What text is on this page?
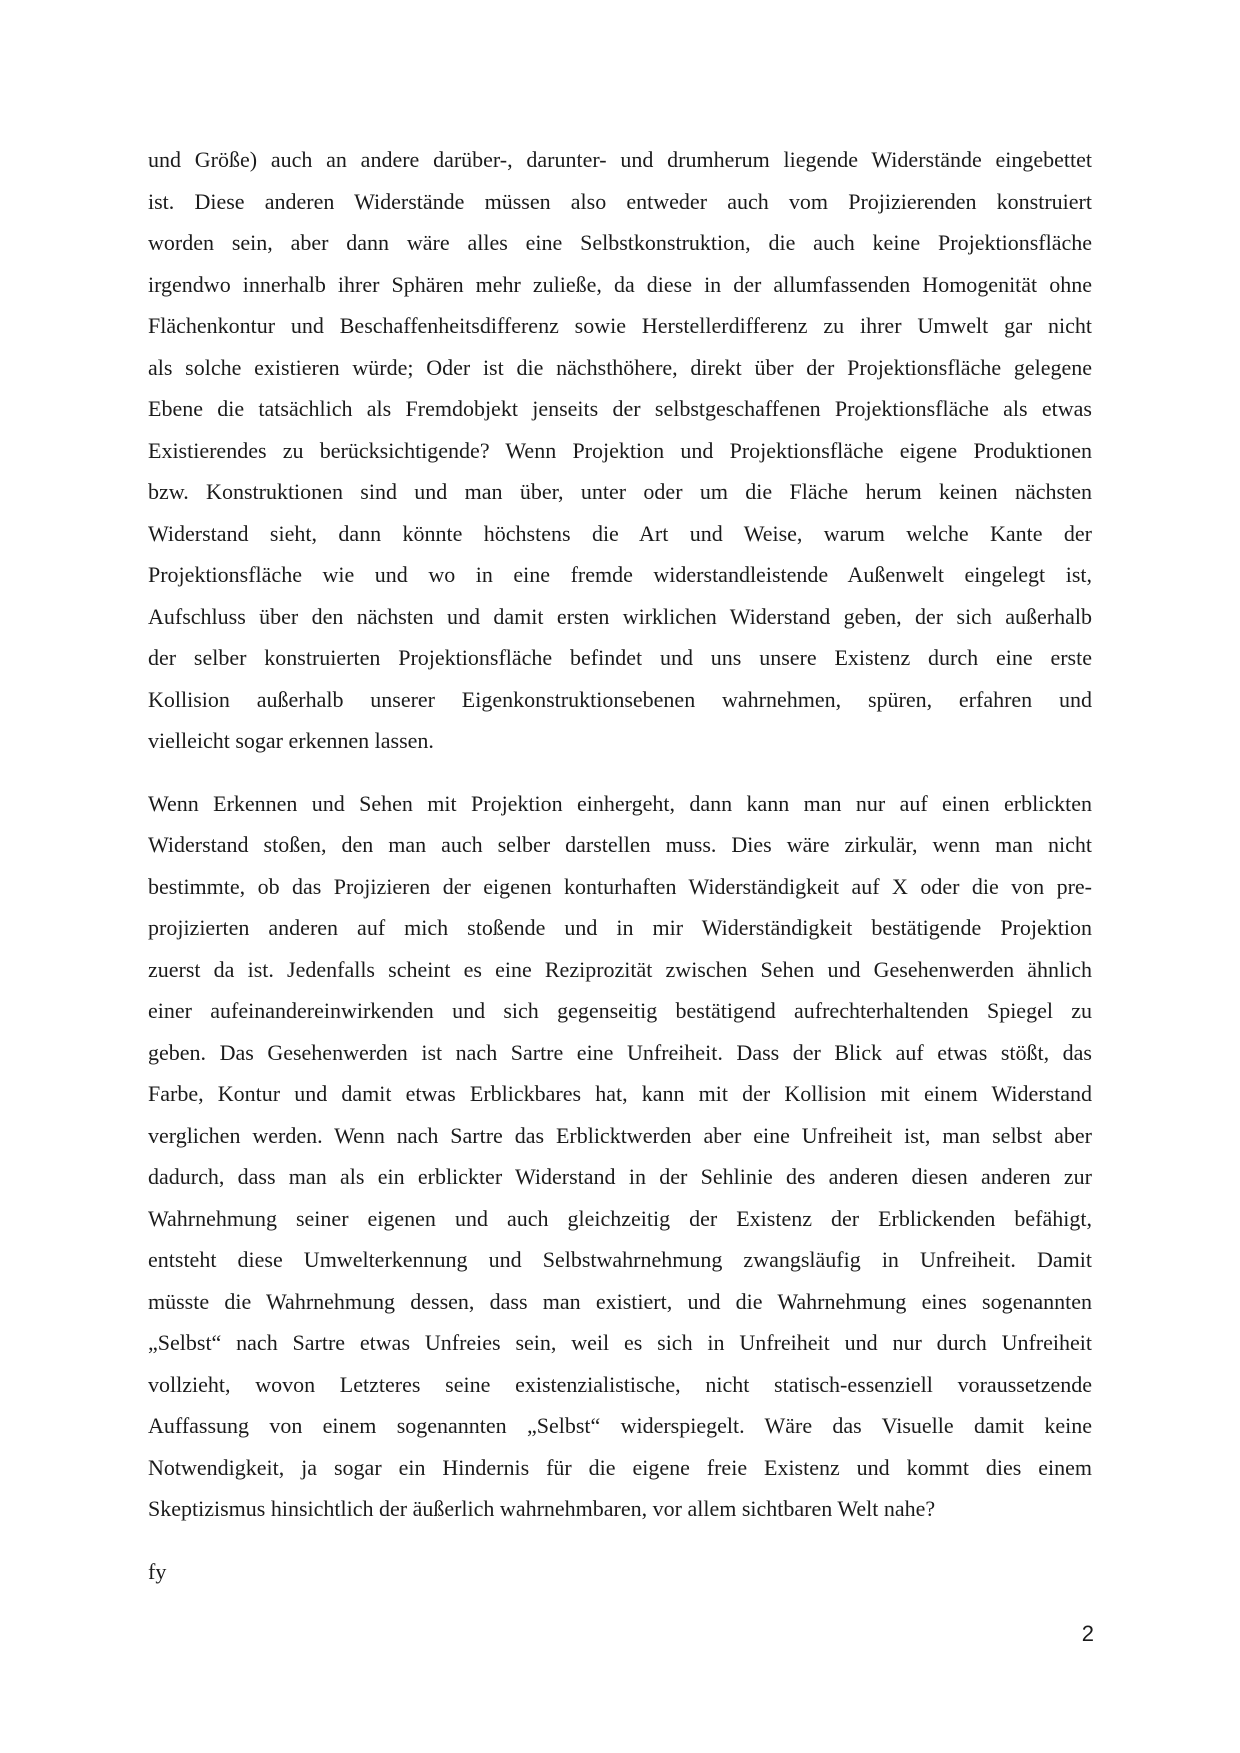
und Größe) auch an andere darüber-, darunter- und drumherum liegende Widerstände eingebettet
ist. Diese anderen Widerstände müssen also entweder auch vom Projizierenden konstruiert
worden sein, aber dann wäre alles eine Selbstkonstruktion, die auch keine Projektionsfläche
irgendwo innerhalb ihrer Sphären mehr zuließe, da diese in der allumfassenden Homogenität ohne
Flächenkontur und Beschaffenheitsdifferenz sowie Herstellerdifferenz zu ihrer Umwelt gar nicht
als solche existieren würde; Oder ist die nächsthöhere, direkt über der Projektionsfläche gelegene
Ebene die tatsächlich als Fremdobjekt jenseits der selbstgeschaffenen Projektionsfläche als etwas
Existierendes zu berücksichtigende? Wenn Projektion und Projektionsfläche eigene Produktionen
bzw. Konstruktionen sind und man über, unter oder um die Fläche herum keinen nächsten
Widerstand sieht, dann könnte höchstens die Art und Weise, warum welche Kante der
Projektionsfläche wie und wo in eine fremde widerstandleistende Außenwelt eingelegt ist,
Aufschluss über den nächsten und damit ersten wirklichen Widerstand geben, der sich außerhalb
der selber konstruierten Projektionsfläche befindet und uns unsere Existenz durch eine erste
Kollision außerhalb unserer Eigenkonstruktionsebenen wahrnehmen, spüren, erfahren und
vielleicht sogar erkennen lassen.
Wenn Erkennen und Sehen mit Projektion einhergeht, dann kann man nur auf einen erblickten
Widerstand stoßen, den man auch selber darstellen muss. Dies wäre zirkulär, wenn man nicht
bestimmte, ob das Projizieren der eigenen konturhaften Widerständigkeit auf X oder die von pre-
projizierten anderen auf mich stoßende und in mir Widerständigkeit bestätigende Projektion
zuerst da ist. Jedenfalls scheint es eine Reziprozität zwischen Sehen und Gesehenwerden ähnlich
einer aufeinandereinwirkenden und sich gegenseitig bestätigend aufrechterhaltenden Spiegel zu
geben. Das Gesehenwerden ist nach Sartre eine Unfreiheit. Dass der Blick auf etwas stößt, das
Farbe, Kontur und damit etwas Erblickbares hat, kann mit der Kollision mit einem Widerstand
verglichen werden. Wenn nach Sartre das Erblicktwerden aber eine Unfreiheit ist, man selbst aber
dadurch, dass man als ein erblickter Widerstand in der Sehlinie des anderen diesen anderen zur
Wahrnehmung seiner eigenen und auch gleichzeitig der Existenz der Erblickenden befähigt,
entsteht diese Umwelterkennung und Selbstwahrnehmung zwangsläufig in Unfreiheit. Damit
müsste die Wahrnehmung dessen, dass man existiert, und die Wahrnehmung eines sogenannten
„Selbst“ nach Sartre etwas Unfreies sein, weil es sich in Unfreiheit und nur durch Unfreiheit
vollzieht, wovon Letzteres seine existenzialistische, nicht statisch-essenziell voraussetzende
Auffassung von einem sogenannten „Selbst“ widerspiegelt. Wäre das Visuelle damit keine
Notwendigkeit, ja sogar ein Hindernis für die eigene freie Existenz und kommt dies einem
Skeptizismus hinsichtlich der äußerlich wahrnehmbaren, vor allem sichtbaren Welt nahe?
fy
2
